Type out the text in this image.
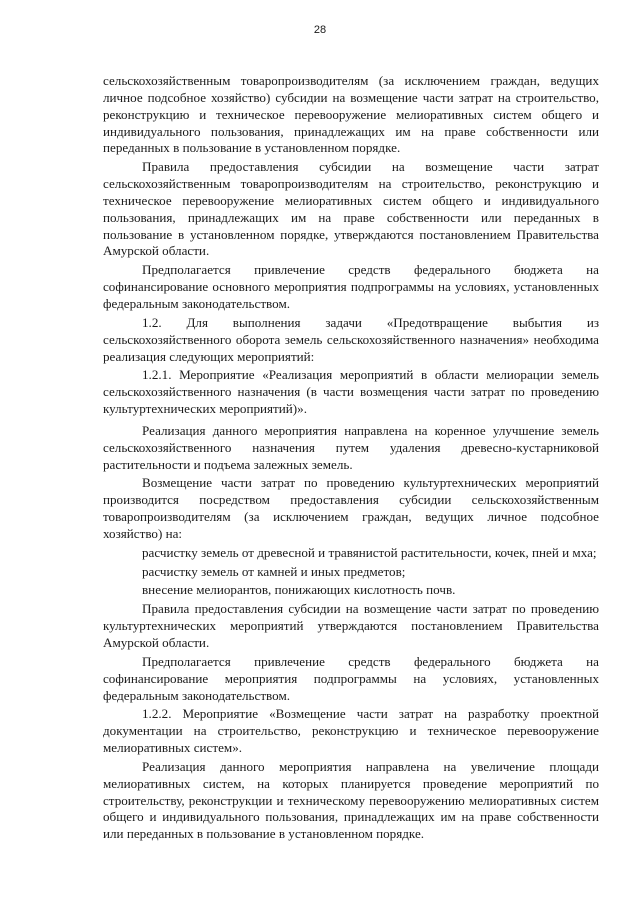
28

сельскохозяйственным товаропроизводителям (за исключением граждан, ведущих личное подсобное хозяйство) субсидии на возмещение части затрат на строительство, реконструкцию и техническое перевооружение мелиоративных систем общего и индивидуального пользования, принадлежащих им на праве собственности или переданных в пользование в установленном порядке.

Правила предоставления субсидии на возмещение части затрат сельскохозяйственным товаропроизводителям на строительство, реконструкцию и техническое перевооружение мелиоративных систем общего и индивидуального пользования, принадлежащих им на праве собственности или переданных в пользование в установленном порядке, утверждаются постановлением Правительства Амурской области.

Предполагается привлечение средств федерального бюджета на софинансирование основного мероприятия подпрограммы на условиях, установленных федеральным законодательством.

1.2. Для выполнения задачи «Предотвращение выбытия из сельскохозяйственного оборота земель сельскохозяйственного назначения» необходима реализация следующих мероприятий:

1.2.1. Мероприятие «Реализация мероприятий в области мелиорации земель сельскохозяйственного назначения (в части возмещения части затрат по проведению культуртехнических мероприятий)».

Реализация данного мероприятия направлена на коренное улучшение земель сельскохозяйственного назначения путем удаления древесно-кустарниковой растительности и подъема залежных земель.

Возмещение части затрат по проведению культуртехнических мероприятий производится посредством предоставления субсидии сельскохозяйственным товаропроизводителям (за исключением граждан, ведущих личное подсобное хозяйство) на:

расчистку земель от древесной и травянистой растительности, кочек, пней и мха;

расчистку земель от камней и иных предметов;

внесение мелиорантов, понижающих кислотность почв.

Правила предоставления субсидии на возмещение части затрат по проведению культуртехнических мероприятий утверждаются постановлением Правительства Амурской области.

Предполагается привлечение средств федерального бюджета на софинансирование мероприятия подпрограммы на условиях, установленных федеральным законодательством.

1.2.2. Мероприятие «Возмещение части затрат на разработку проектной документации на строительство, реконструкцию и техническое перевооружение мелиоративных систем».

Реализация данного мероприятия направлена на увеличение площади мелиоративных систем, на которых планируется проведение мероприятий по строительству, реконструкции и техническому перевооружению мелиоративных систем общего и индивидуального пользования, принадлежащих им на праве собственности или переданных в пользование в установленном порядке.
